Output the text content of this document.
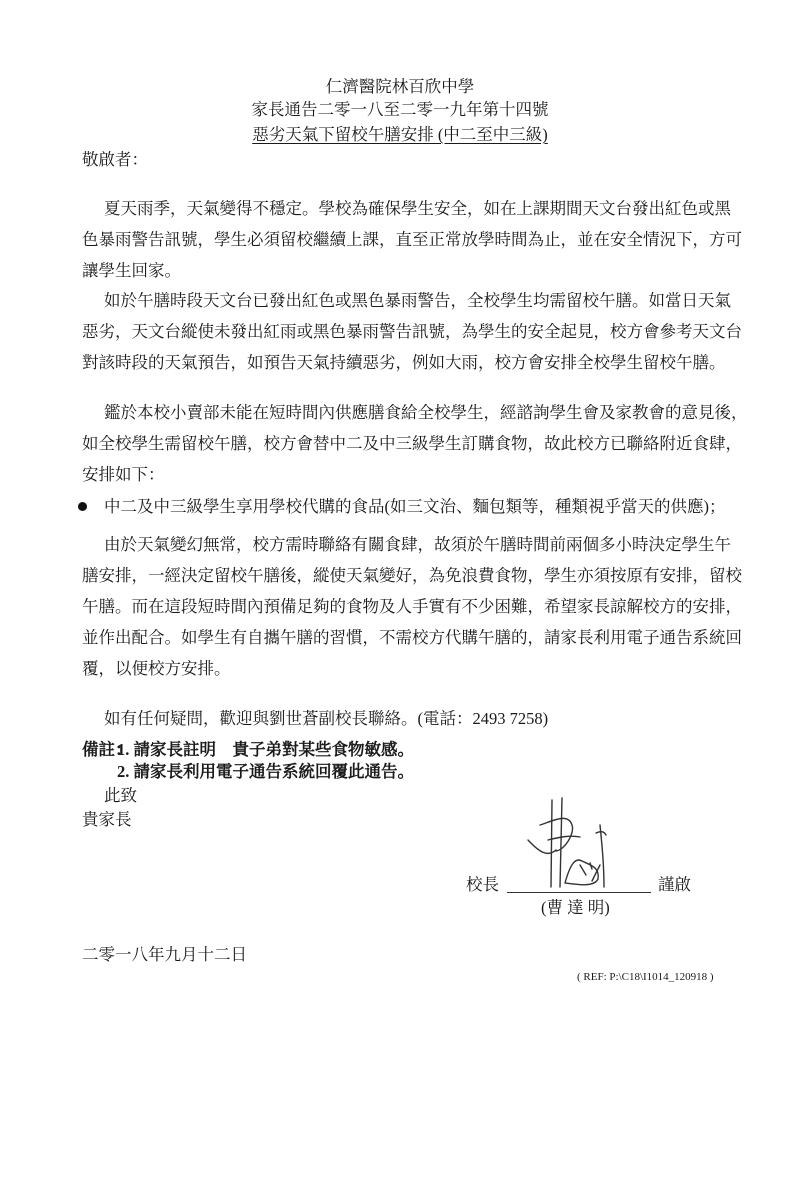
仁濟醫院林百欣中學
家長通告二零一八至二零一九年第十四號
惡劣天氣下留校午膳安排 (中二至中三級)
敬啟者：
夏天雨季，天氣變得不穩定。學校為確保學生安全，如在上課期間天文台發出紅色或黑
色暴雨警告訊號，學生必須留校繼續上課，直至正常放學時間為止，並在安全情況下，方可
讓學生回家。
如於午膳時段天文台已發出紅色或黑色暴雨警告，全校學生均需留校午膳。如當日天氣
惡劣，天文台縱使未發出紅雨或黑色暴雨警告訊號，為學生的安全起見，校方會參考天文台
對該時段的天氣預告，如預告天氣持續惡劣，例如大雨，校方會安排全校學生留校午膳。
鑑於本校小賣部未能在短時間內供應膳食給全校學生，經諮詢學生會及家教會的意見後，
如全校學生需留校午膳，校方會替中二及中三級學生訂購食物，故此校方已聯絡附近食肆，
安排如下：
中二及中三級學生享用學校代購的食品(如三文治、麵包類等，種類視乎當天的供應)；
由於天氣變幻無常，校方需時聯絡有關食肆，故須於午膳時間前兩個多小時決定學生午
膳安排，一經決定留校午膳後，縱使天氣變好，為免浪費食物，學生亦須按原有安排，留校
午膳。而在這段短時間內預備足夠的食物及人手實有不少困難，希望家長諒解校方的安排，
並作出配合。如學生有自攜午膳的習慣，不需校方代購午膳的，請家長利用電子通告系統回
覆，以便校方安排。
如有任何疑問，歡迎與劉世蒼副校長聯絡。(電話：2493 7258)
備註：
1. 請家長註明　貴子弟對某些食物敏感。
2. 請家長利用電子通告系統回覆此通告。
此致
貴家長
校長	謹啟
(曹 達 明)
二零一八年九月十二日
( REF: P:\C18\I1014_120918 )
